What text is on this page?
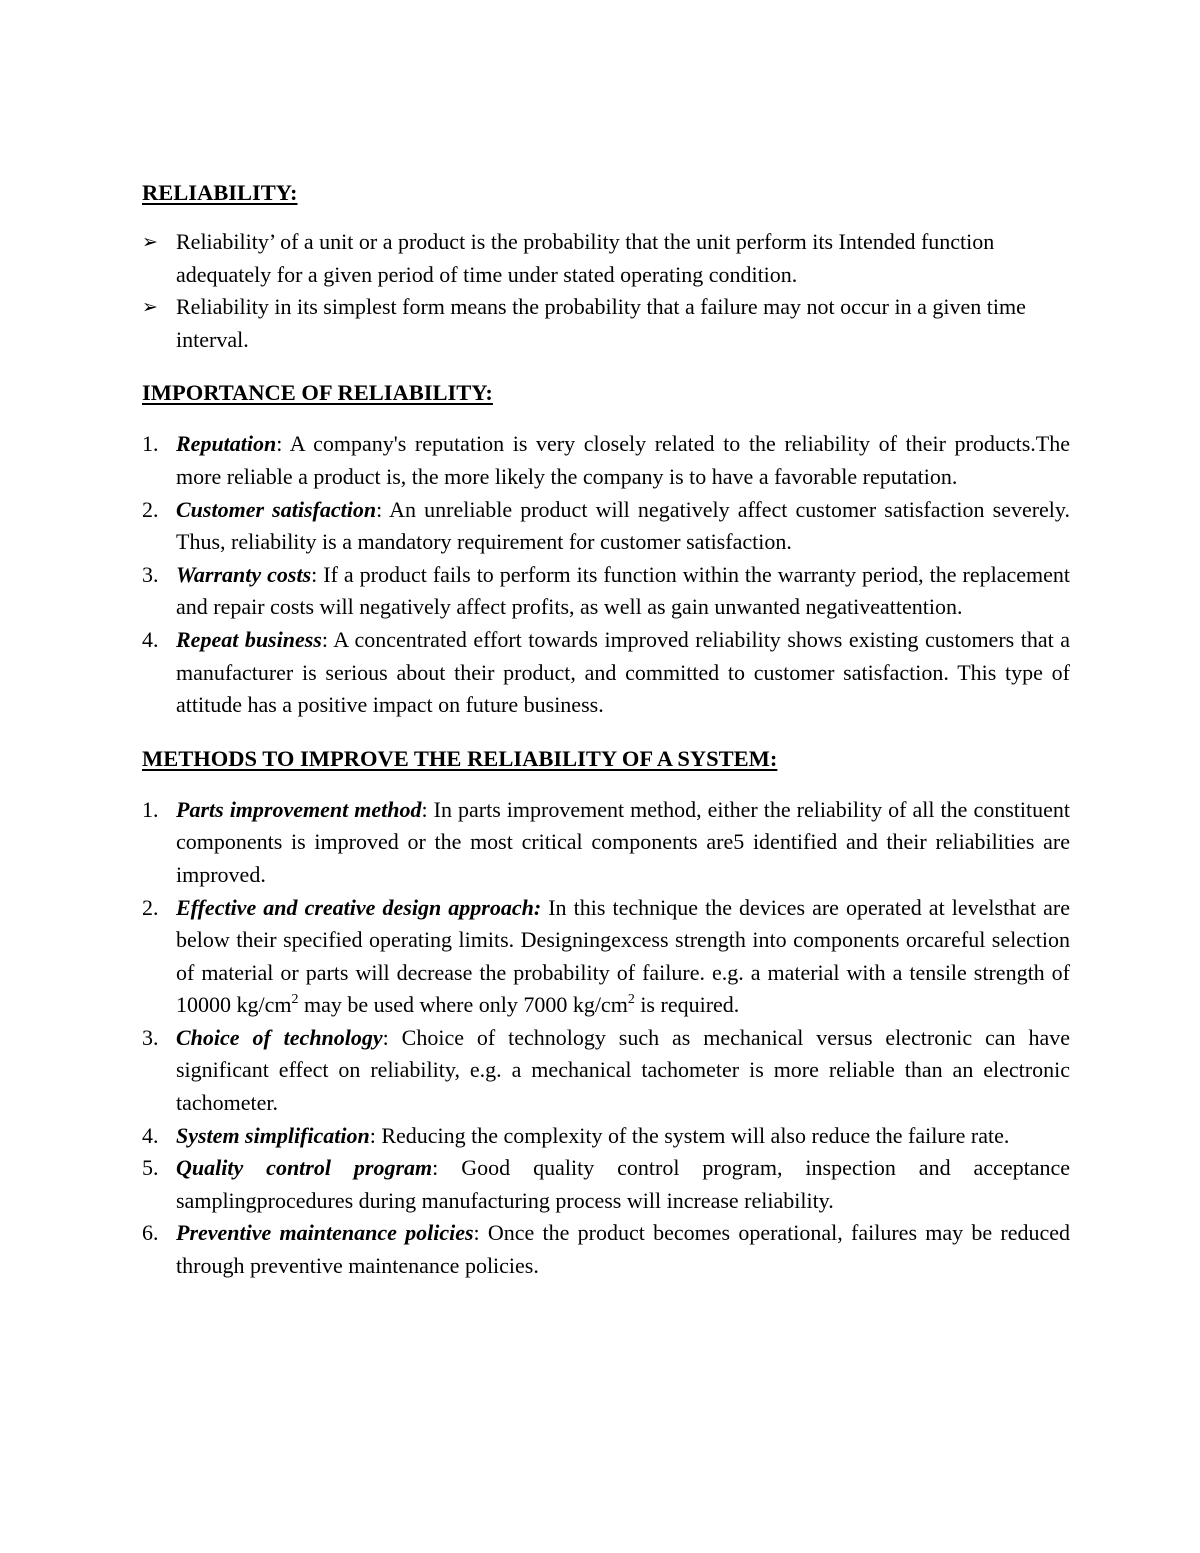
RELIABILITY:
➢ Reliability’ of a unit or a product is the probability that the unit perform its Intended function
adequately for a given period of time under stated operating condition.
➢ Reliability in its simplest form means the probability that a failure may not occur in a given time interval.
IMPORTANCE OF RELIABILITY:
1. Reputation: A company's reputation is very closely related to the reliability of their products.The more reliable a product is, the more likely the company is to have a favorable reputation.
2. Customer satisfaction: An unreliable product will negatively affect customer satisfaction severely. Thus, reliability is a mandatory requirement for customer satisfaction.
3. Warranty costs: If a product fails to perform its function within the warranty period, the replacement and repair costs will negatively affect profits, as well as gain unwanted negativeattention.
4. Repeat business: A concentrated effort towards improved reliability shows existing customers that a manufacturer is serious about their product, and committed to customer satisfaction. This type of attitude has a positive impact on future business.
METHODS TO IMPROVE THE RELIABILITY OF A SYSTEM:
1. Parts improvement method: In parts improvement method, either the reliability of all the constituent components is improved or the most critical components are5 identified and their reliabilities are improved.
2. Effective and creative design approach: In this technique the devices are operated at levelsthat are below their specified operating limits. Designingexcess strength into components orcareful selection of material or parts will decrease the probability of failure. e.g. a material with a tensile strength of 10000 $kg/cm^2$ may be used where only 7000 $kg/cm^2$ is required.
3. Choice of technology: Choice of technology such as mechanical versus electronic can have significant effect on reliability, e.g. a mechanical tachometer is more reliable than an electronic tachometer.
4. System simplification: Reducing the complexity of the system will also reduce the failure rate.
5. Quality control program: Good quality control program, inspection and acceptance samplingprocedures during manufacturing process will increase reliability.
6. Preventive maintenance policies: Once the product becomes operational, failures may be reduced through preventive maintenance policies.
